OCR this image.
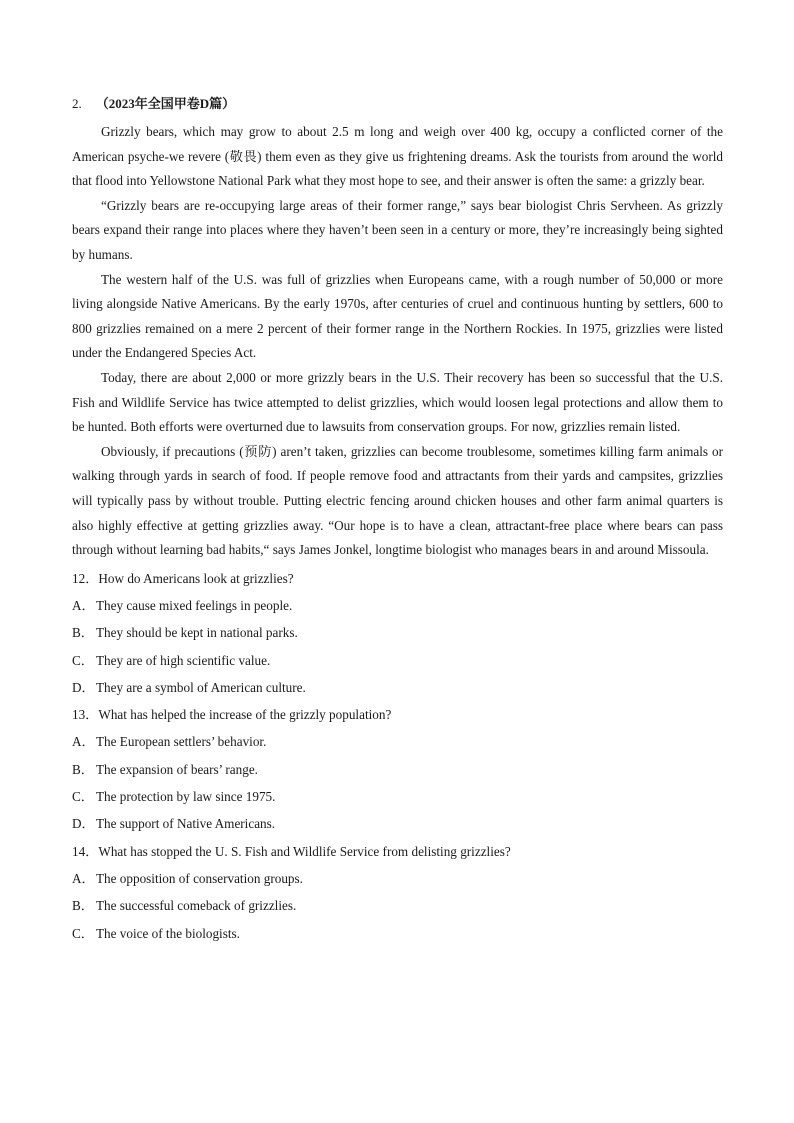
2. （2023年全国甲卷D篇）

Grizzly bears, which may grow to about 2.5 m long and weigh over 400 kg, occupy a conflicted corner of the American psyche-we revere (敬畏) them even as they give us frightening dreams. Ask the tourists from around the world that flood into Yellowstone National Park what they most hope to see, and their answer is often the same: a grizzly bear.

“Grizzly bears are re-occupying large areas of their former range,” says bear biologist Chris Servheen. As grizzly bears expand their range into places where they haven’t been seen in a century or more, they’re increasingly being sighted by humans.

The western half of the U.S. was full of grizzlies when Europeans came, with a rough number of 50,000 or more living alongside Native Americans. By the early 1970s, after centuries of cruel and continuous hunting by settlers, 600 to 800 grizzlies remained on a mere 2 percent of their former range in the Northern Rockies. In 1975, grizzlies were listed under the Endangered Species Act.

Today, there are about 2,000 or more grizzly bears in the U.S. Their recovery has been so successful that the U.S. Fish and Wildlife Service has twice attempted to delist grizzlies, which would loosen legal protections and allow them to be hunted. Both efforts were overturned due to lawsuits from conservation groups. For now, grizzlies remain listed.

Obviously, if precautions (预防) aren’t taken, grizzlies can become troublesome, sometimes killing farm animals or walking through yards in search of food. If people remove food and attractants from their yards and campsites, grizzlies will typically pass by without trouble. Putting electric fencing around chicken houses and other farm animal quarters is also highly effective at getting grizzlies away. “Our hope is to have a clean, attractant-free place where bears can pass through without learning bad habits,“ says James Jonkel, longtime biologist who manages bears in and around Missoula.

12．How do Americans look at grizzlies?

A．They cause mixed feelings in people.

B． They should be kept in national parks.

C． They are of high scientific value.

D．They are a symbol of American culture.

13．What has helped the increase of the grizzly population?

A．The European settlers’ behavior.

B． The expansion of bears’ range.

C． The protection by law since 1975.

D．The support of Native Americans.

14．What has stopped the U. S. Fish and Wildlife Service from delisting grizzlies?

A．The opposition of conservation groups.

B． The successful comeback of grizzlies.

C． The voice of the biologists.
